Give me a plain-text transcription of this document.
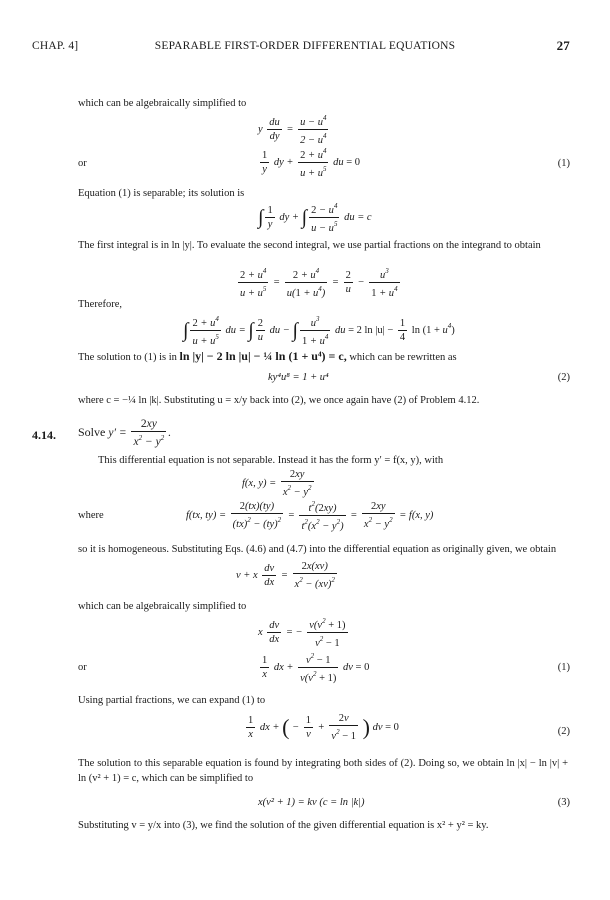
CHAP. 4]	SEPARABLE FIRST-ORDER DIFFERENTIAL EQUATIONS	27
which can be algebraically simplified to
y $\frac{du}{dy} = \frac{u - u^4}{2 - u^4}$
or	$\frac{1}{y}$ dy + $\frac{2 + u^4}{u + u^5}$ du = 0	(1)
Equation (1) is separable; its solution is
∫ $\frac{1}{y}$ dy + ∫ $\frac{2 - u^4}{u - u^5}$ du = c
The first integral is in ln |y|. To evaluate the second integral, we use partial fractions on the integrand to obtain
$\frac{2 + u^4}{u + u^5} = \frac{2 + u^4}{u(1 + u^4)} = \frac{2}{u} - \frac{u^3}{1 + u^4}$
Therefore,
∫ $\frac{2 + u^4}{u + u^5}$ du = ∫ $\frac{2}{u}$ du − ∫ $\frac{u^3}{1 + u^4}$ du = 2 $\ln |u| - \frac{1}{4}$ $\ln (1 + u^4)$
The solution to (1) is in ln |y| − 2 ln |u| − ¼ ln (1 + u⁴) = c, which can be rewritten as
ky⁴u⁸ = 1 + u⁴	(2)
where c = −¼ ln |k|. Substituting u = x/y back into (2), we once again have (2) of Problem 4.12.
4.14. Solve $y' = \frac{2xy}{x^2 - y^2}$ .
This differential equation is not separable. Instead it has the form y′ = f(x, y), with
f(x, $y) = \frac{2xy}{x^2 - y^2}$
where	f(tx, $ty) = \frac{2(tx)(ty)}{(tx)^2 - (ty)^2} = \frac{t^2(2xy)}{t^2(x^2 - y^2)} = \frac{2xy}{x^2 - y^2} = f(x$, y)
so it is homogeneous. Substituting Eqs. (4.6) and (4.7) into the differential equation as originally given, we obtain
v + x $\frac{dv}{dx} = \frac{2x(xv)}{x^2 - (xv)^2}$
which can be algebraically simplified to
x $\frac{dv}{dx}$ = − $\frac{v(v^2 + 1)}{v^2 - 1}$
or	$\frac{1}{x}$ dx + $\frac{v^2 - 1}{v(v^2 + 1)}$ dv = 0	(1)
Using partial fractions, we can expand (1) to
$\frac{1}{x}$ dx + ( − $\frac{1}{v} + \frac{2v}{v^2 - 1}$ ) dv = 0	(2)
The solution to this separable equation is found by integrating both sides of (2). Doing so, we obtain ln |x| − ln |v| + ln (v² + 1) = c, which can be simplified to
x(v² + 1) = kv (c = ln |k|)	(3)
Substituting v = y/x into (3), we find the solution of the given differential equation is x² + y² = ky.
